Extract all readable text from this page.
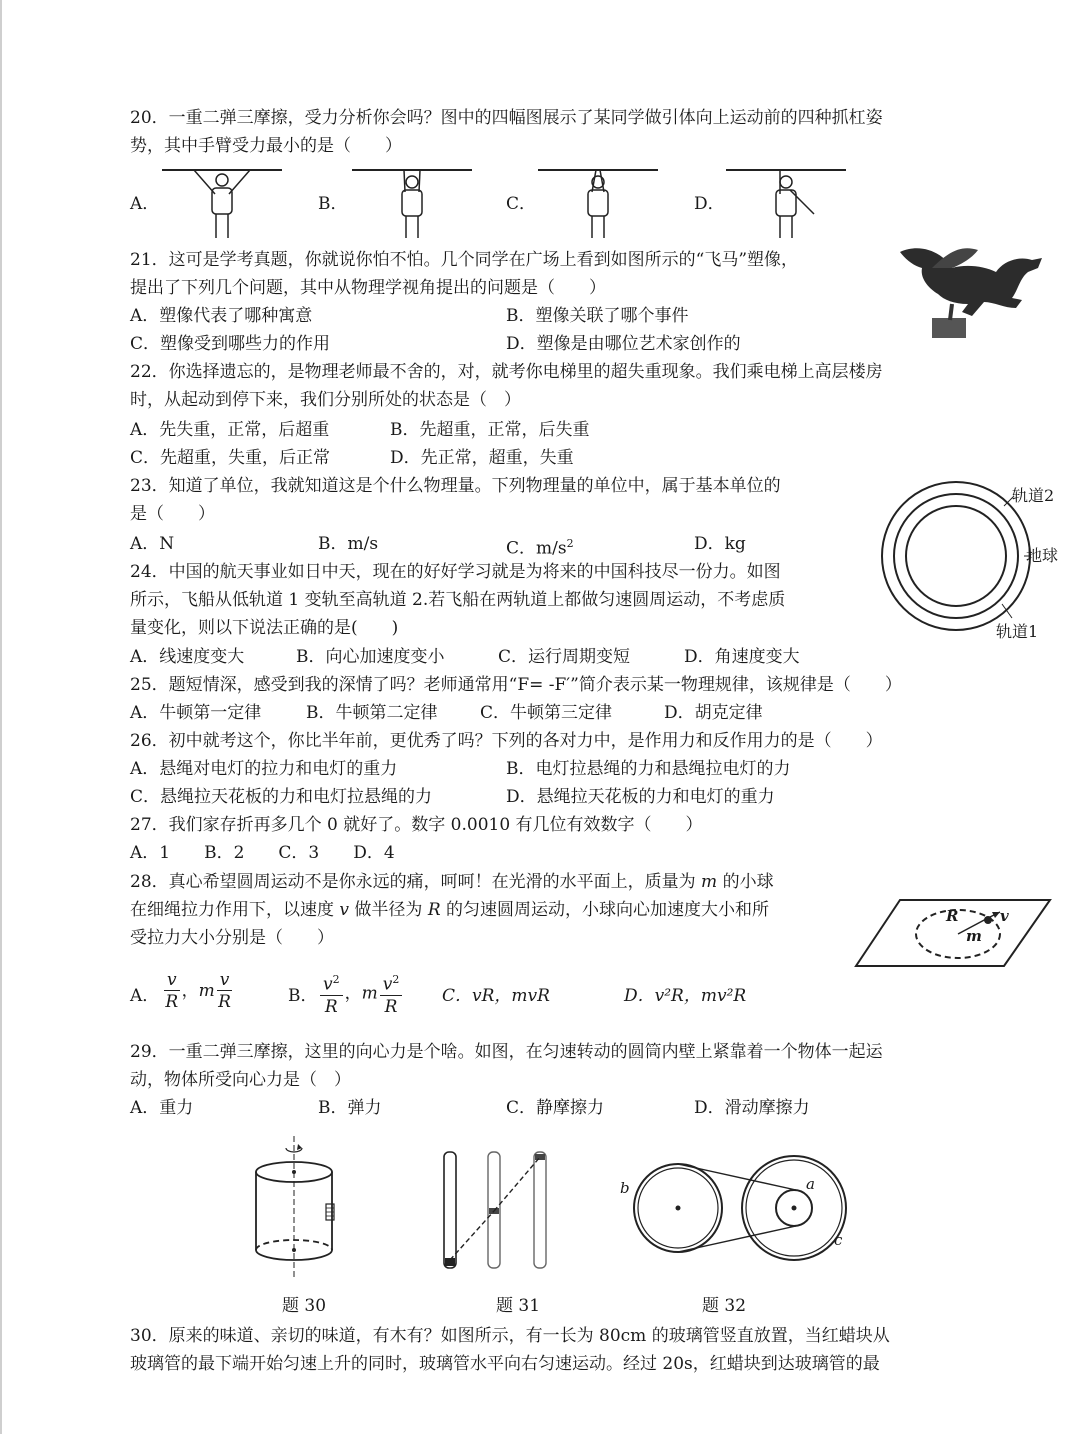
20．一重二弹三摩擦，受力分析你会吗？图中的四幅图展示了某同学做引体向上运动前的四种抓杠姿
势，其中手臂受力最小的是（　　）
A．	B．	C．	D．
21．这可是学考真题，你就说你怕不怕。几个同学在广场上看到如图所示的“飞马”塑像，
提出了下列几个问题，其中从物理学视角提出的问题是（　　）
A．塑像代表了哪种寓意	B．塑像关联了哪个事件
C．塑像受到哪些力的作用	D．塑像是由哪位艺术家创作的
22．你选择遗忘的，是物理老师最不舍的，对，就考你电梯里的超失重现象。我们乘电梯上高层楼房
时，从起动到停下来，我们分别所处的状态是（　）
A．先失重，正常，后超重	B．先超重，正常，后失重
C．先超重，失重，后正常	D．先正常，超重，失重
23．知道了单位，我就知道这是个什么物理量。下列物理量的单位中，属于基本单位的
是（　　）
A．N	B．m/s	C．$m/s^2$	D．kg
轨道2
地球
轨道1
24．中国的航天事业如日中天，现在的好好学习就是为将来的中国科技尽一份力。如图
所示，飞船从低轨道 1 变轨至高轨道 2.若飞船在两轨道上都做匀速圆周运动，不考虑质
量变化，则以下说法正确的是(　　)
A．线速度变大	B．向心加速度变小	C．运行周期变短	D．角速度变大
25．题短情深，感受到我的深情了吗？老师通常用“F= -F′”简介表示某一物理规律，该规律是（　　）
A．牛顿第一定律	B．牛顿第二定律	C．牛顿第三定律	D．胡克定律
26．初中就考这个，你比半年前，更优秀了吗？下列的各对力中，是作用力和反作用力的是（　　）
A．悬绳对电灯的拉力和电灯的重力	B．电灯拉悬绳的力和悬绳拉电灯的力
C．悬绳拉天花板的力和电灯拉悬绳的力	D．悬绳拉天花板的力和电灯的重力
27．我们家存折再多几个 0 就好了。数字 0.0010 有几位有效数字（　　）
A．1　　B．2　　C．3　　D．4
28．真心希望圆周运动不是你永远的痛，呵呵！在光滑的水平面上，质量为 m 的小球
在细绳拉力作用下，以速度 v 做半径为 R 的匀速圆周运动，小球向心加速度大小和所
受拉力大小分别是（　　）
R	v
m
A． $\frac{v}{R}$ ，m $\frac{v}{R}$	B． $\frac{v^2}{R}$ ，m $\frac{v^2}{R}$ C．vR，mvR	D．v²R，mv²R
29．一重二弹三摩擦，这里的向心力是个啥。如图，在匀速转动的圆筒内壁上紧靠着一个物体一起运
动，物体所受向心力是（　）
A．重力	B．弹力	C．静摩擦力	D．滑动摩擦力
b	a
c
题 30	题 31	题 32
30．原来的味道、亲切的味道，有木有？如图所示，有一长为 80cm 的玻璃管竖直放置，当红蜡块从
玻璃管的最下端开始匀速上升的同时，玻璃管水平向右匀速运动。经过 20s，红蜡块到达玻璃管的最
